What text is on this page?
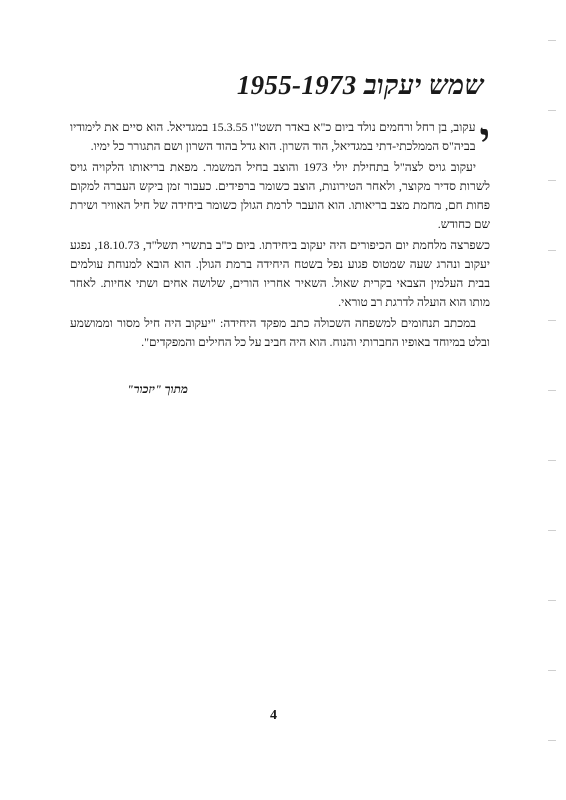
שמש יעקוב 1955-1973
י

עקוב, בן רחל ורחמים נולד ביום כ"א באדר תשט"ו 15.3.55 במגדיאל. הוא סיים את לימודיו בביה"ס הממלכתי-דתי במגדיאל, הוד השרון. הוא גדל בהוד השרון ושם התגורר כל ימיו.

יעקוב גויס לצה"ל בתחילת יולי 1973 והוצב בחיל המשמר. מפאת בריאותו הלקויה גויס לשרות סדיר מקוצר, ולאחר הטירונות, הוצב כשומר ברפידים. כעבור זמן ביקש העברה למקום פחות חם, מחמת מצב בריאותו. הוא הועבר לרמת הגולן כשומר ביחידה של חיל האוויר ושירת שם כחודש.

כשפרצה מלחמת יום הכיפורים היה יעקוב ביחידתו. ביום כ"ב בתשרי תשל"ד, 18.10.73, נפגע יעקוב ונהרג שעה שמטוס פגוע נפל בשטח היחידה ברמת הגולן. הוא הובא למנוחת עולמים בבית העלמין הצבאי בקרית שאול. השאיר אחריו הורים, שלושה אחים ושתי אחיות. לאחר מותו הוא הועלה לדרגת רב טוראי.

במכתב תנחומים למשפחה השכולה כתב מפקד היחידה: "יעקוב היה חיל מסור וממושמע ובלט במיוחד באופיו החברותי והנוח. הוא היה חביב על כל החילים והמפקדים".

מתוך "יזכור"

4
